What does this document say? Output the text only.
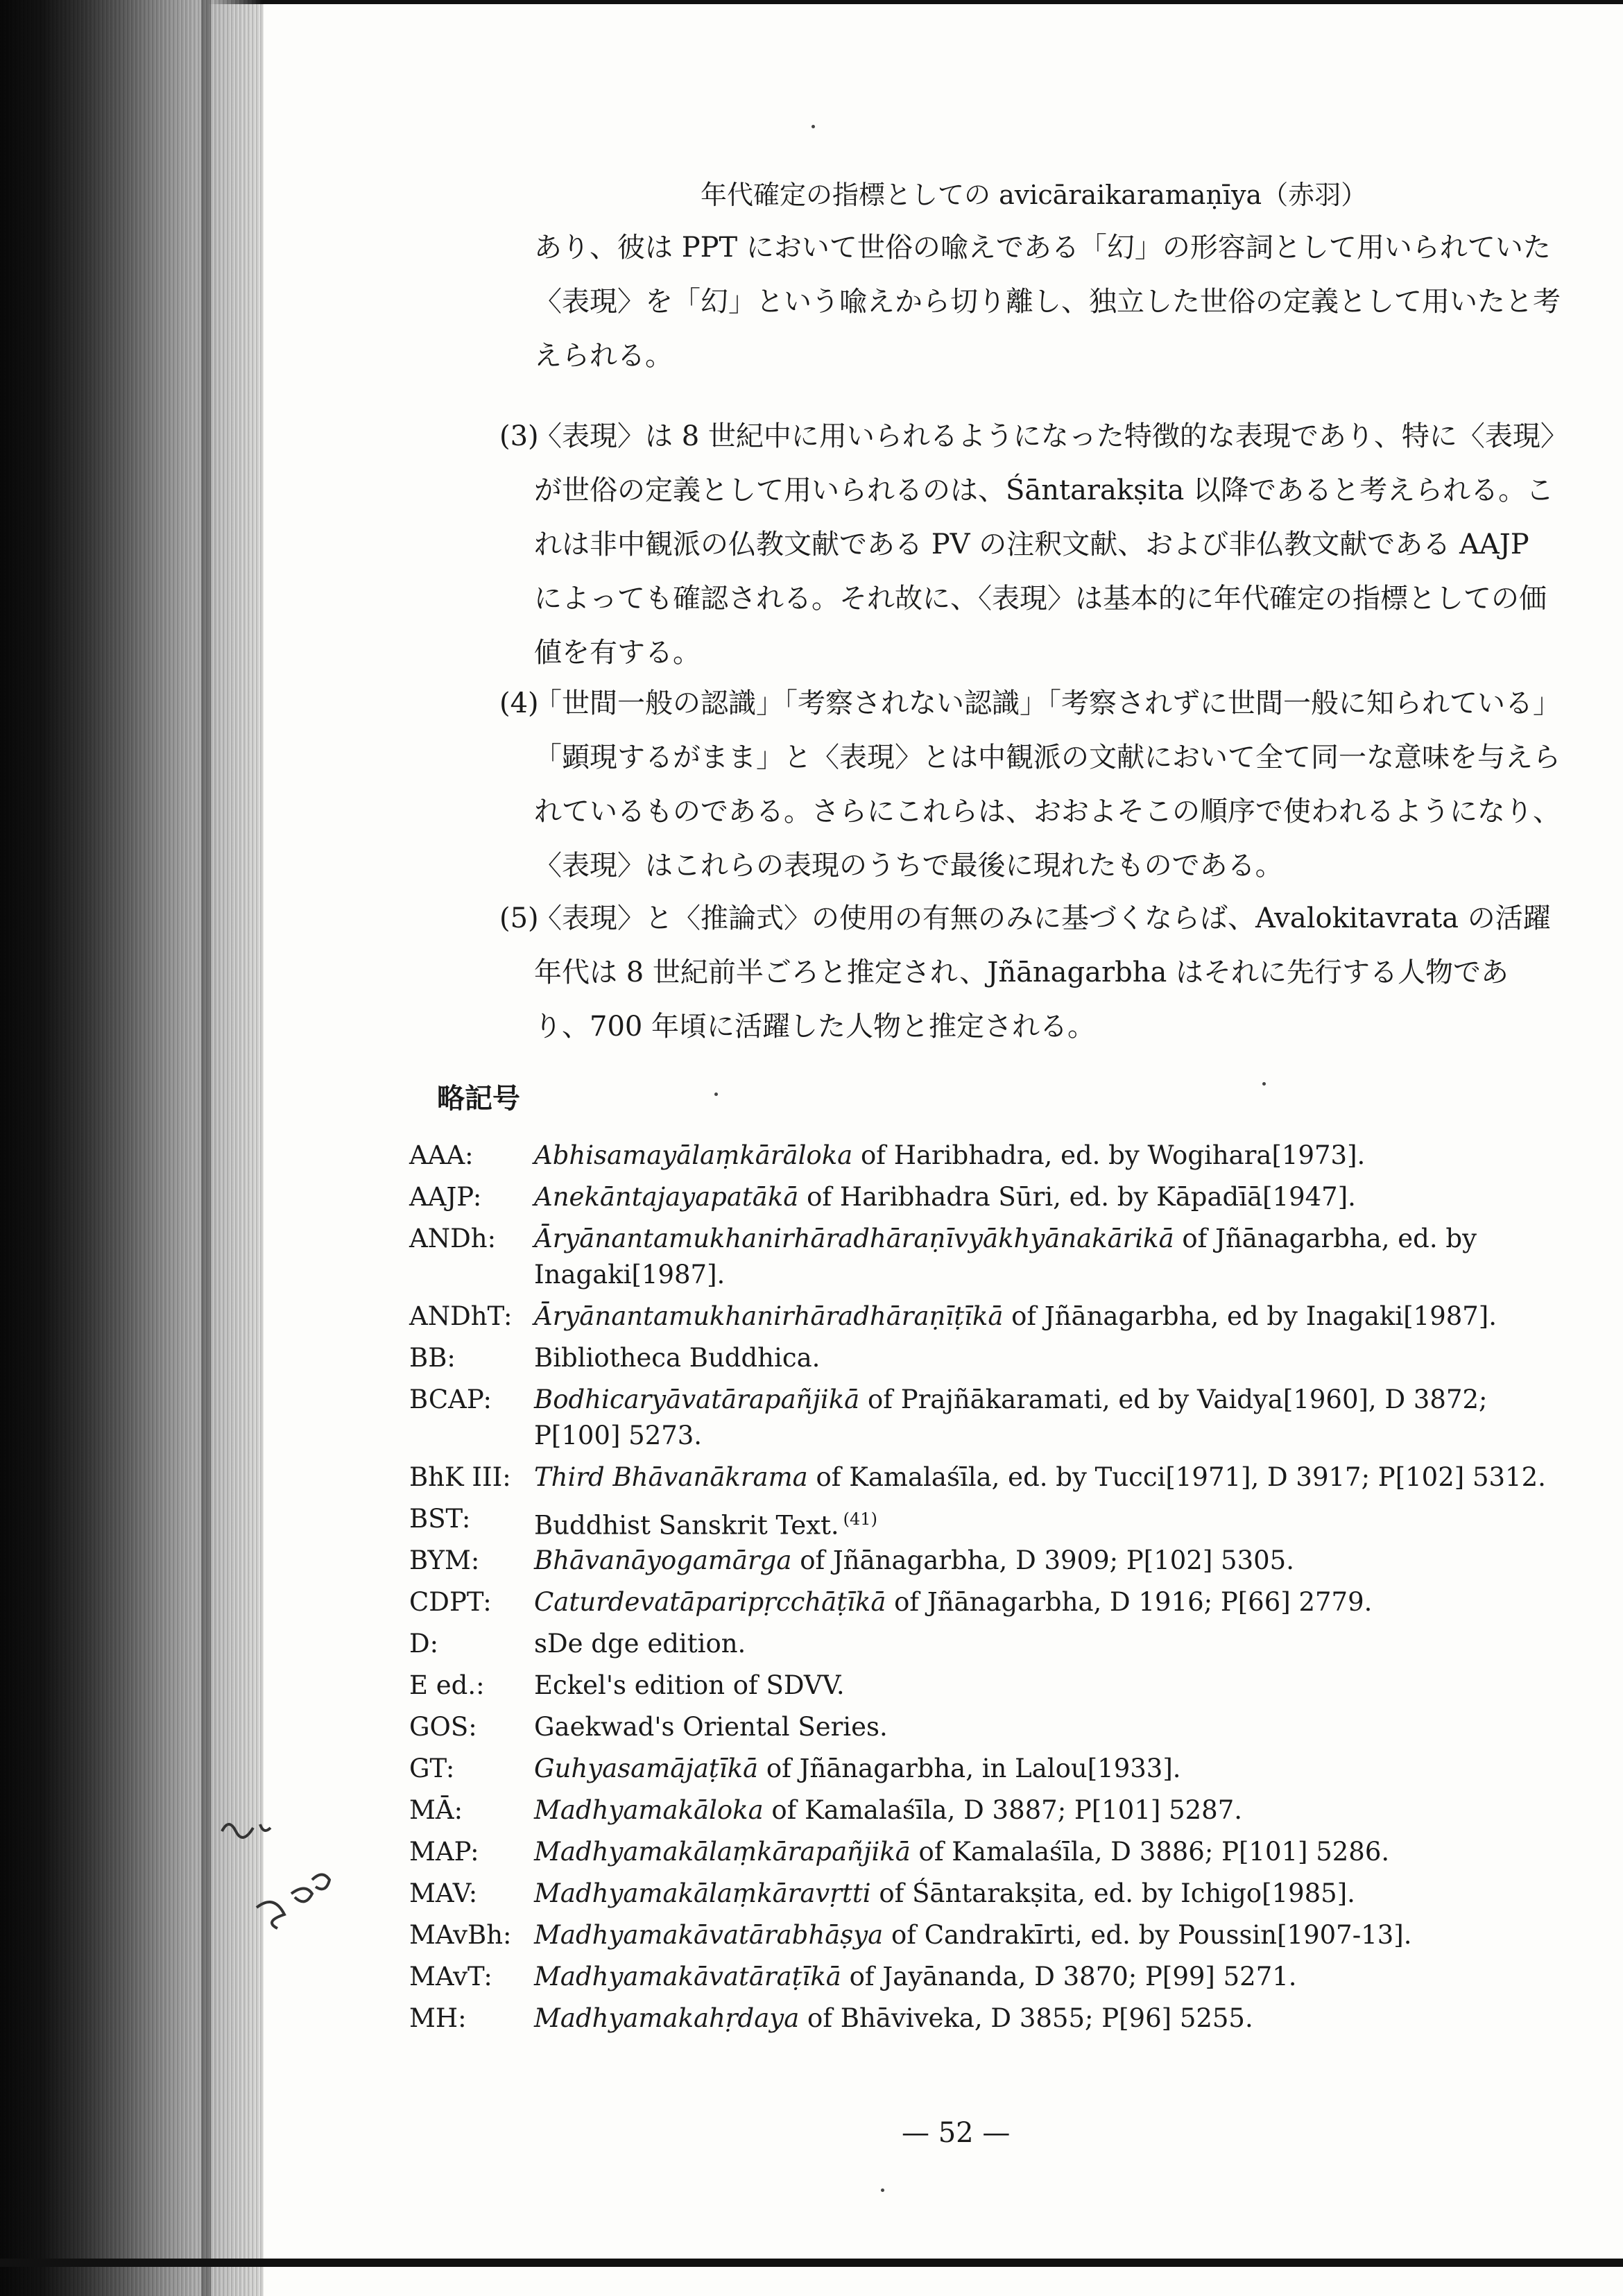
年代確定の指標としての avicāraikaramaṇīya（赤羽）

あり、彼は PPT において世俗の喩えである「幻」の形容詞として用いられていた〈表現〉を「幻」という喩えから切り離し、独立した世俗の定義として用いたと考えられる。

(3)

〈表現〉は 8 世紀中に用いられるようになった特徴的な表現であり、特に〈表現〉が世俗の定義として用いられるのは、Śāntarakṣita 以降であると考えられる。これは非中観派の仏教文献である PV の注釈文献、および非仏教文献である AAJP によっても確認される。それ故に、〈表現〉は基本的に年代確定の指標としての価値を有する。

(4)

「世間一般の認識」「考察されない認識」「考察されずに世間一般に知られている」「顕現するがまま」と〈表現〉とは中観派の文献において全て同一な意味を与えられているものである。さらにこれらは、おおよそこの順序で使われるようになり、〈表現〉はこれらの表現のうちで最後に現れたものである。

(5)

〈表現〉と〈推論式〉の使用の有無のみに基づくならば、Avalokitavrata の活躍年代は 8 世紀前半ごろと推定され、Jñānagarbha はそれに先行する人物であり、700 年頃に活躍した人物と推定される。

略記号
AAA: Abhisamayālaṃkārāloka of Haribhadra, ed. by Wogihara[1973].
AAJP: Anekāntajayapatākā of Haribhadra Sūri, ed. by Kāpadīā[1947].
ANDh: Āryānantamukhanirhāradhāraṇīvyākhyānakārikā of Jñānagarbha, ed. by Inagaki[1987].
ANDhT: Āryānantamukhanirhāradhāraṇīṭīkā of Jñānagarbha, ed by Inagaki[1987].
BB:	Bibliotheca Buddhica.
BCAP: Bodhicaryāvatārapañjikā of Prajñākaramati, ed by Vaidya[1960], D 3872; P[100] 5273.
BhK III: Third Bhāvanākrama of Kamalaśīla, ed. by Tucci[1971], D 3917; P[102] 5312.
BST: Buddhist Sanskrit Text. $^{(41)}$
BYM: Bhāvanāyogamārga of Jñānagarbha, D 3909; P[102] 5305.
CDPT: Caturdevatāparipṛcchāṭīkā of Jñānagarbha, D 1916; P[66] 2779.
D:	sDe dge edition.
E ed.: Eckel's edition of SDVV.
GOS: Gaekwad's Oriental Series.
GT:	Guhyasamājaṭīkā of Jñānagarbha, in Lalou[1933].
MĀ:	Madhyamakāloka of Kamalaśīla, D 3887; P[101] 5287.
MAP: Madhyamakālaṃkārapañjikā of Kamalaśīla, D 3886; P[101] 5286.
MAV: Madhyamakālaṃkāravṛtti of Śāntarakṣita, ed. by Ichigo[1985].
MAvBh: Madhyamakāvatārabhāṣya of Candrakīrti, ed. by Poussin[1907-13].
MAvT: Madhyamakāvatāraṭīkā of Jayānanda, D 3870; P[99] 5271.
MH:	Madhyamakahṛdaya of Bhāviveka, D 3855; P[96] 5255.
— 52 —
